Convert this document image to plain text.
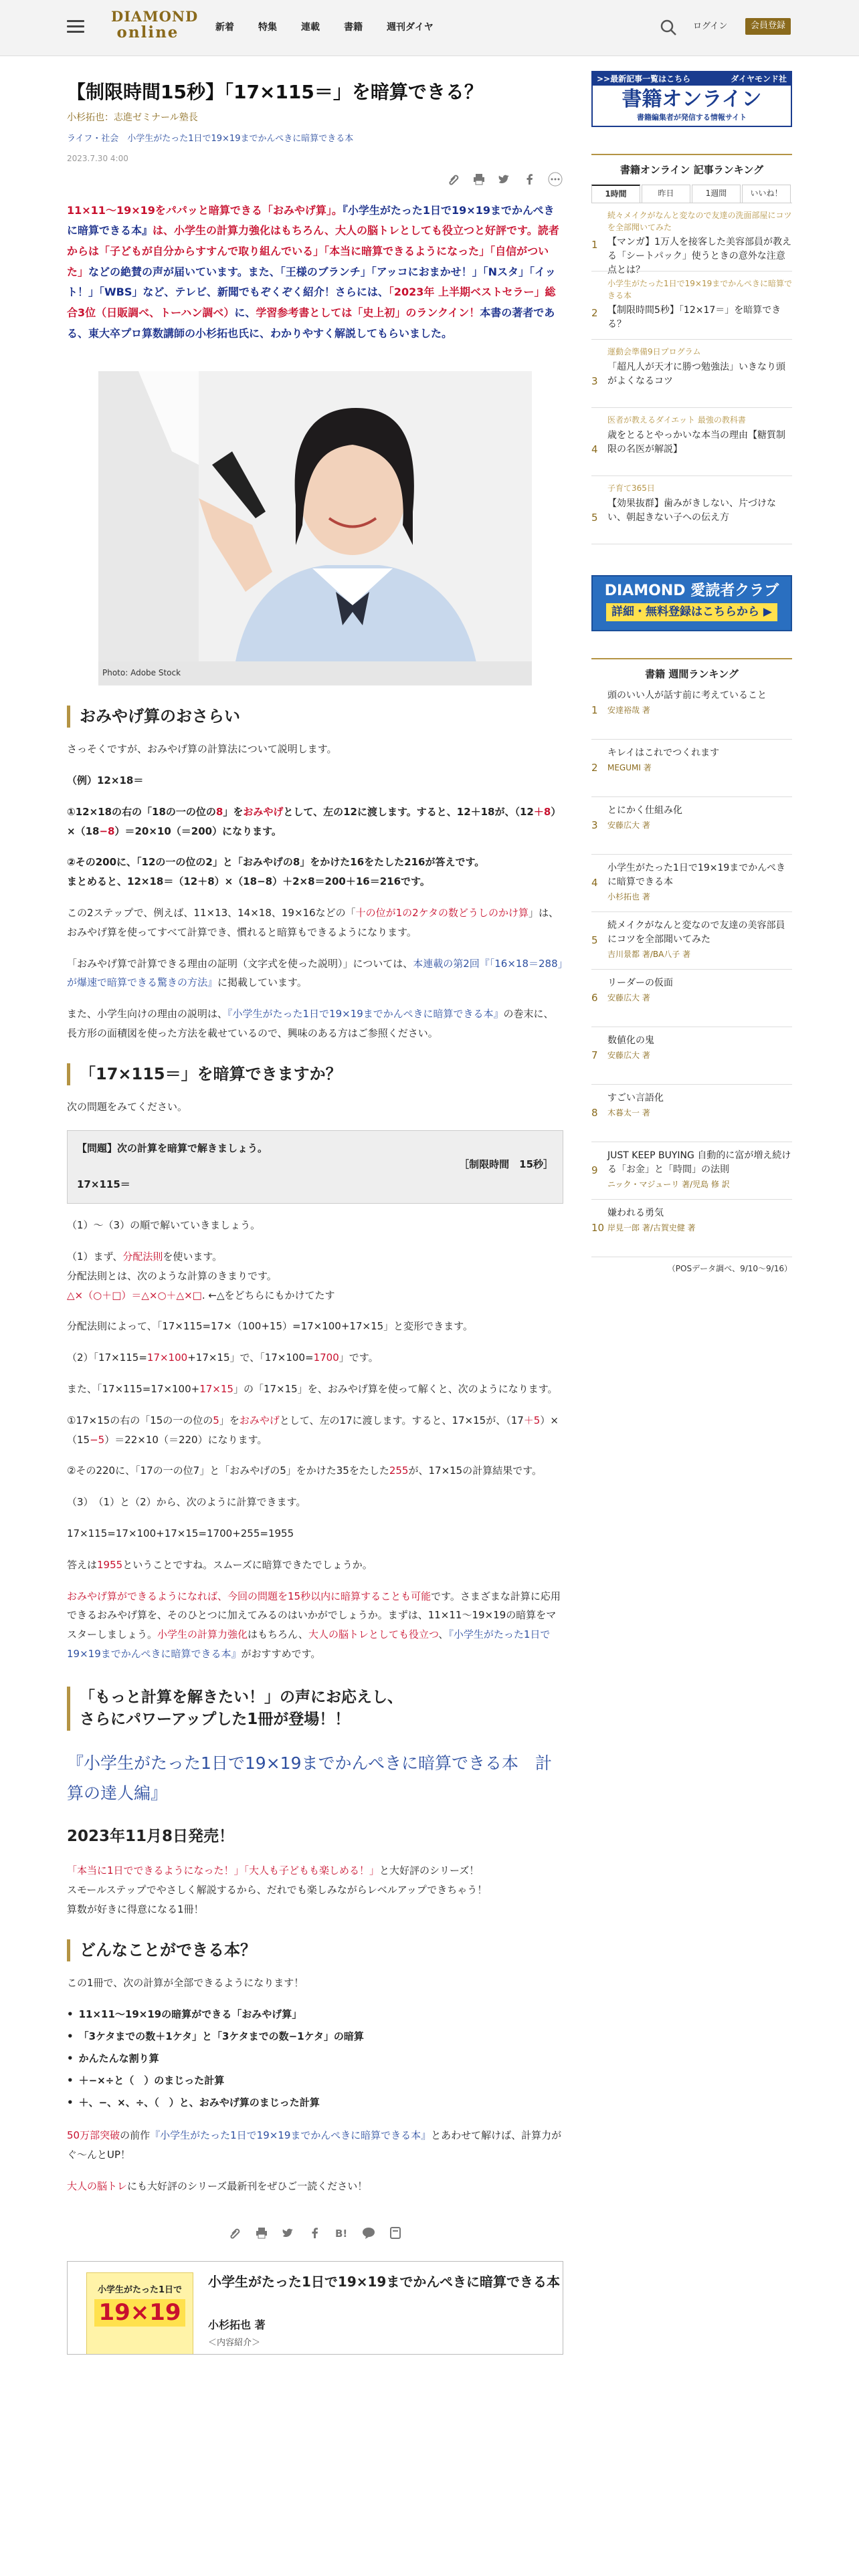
DIAMOND
online	新着	特集	連載	書籍	週刊ダイヤ	ログイン	会員登録
【制限時間15秒】「17×115＝」を暗算できる？
小杉拓也：志進ゼミナール塾長
ライフ・社会　小学生がたった1日で19×19までかんぺきに暗算できる本
2023.7.30 4:00
11×11〜19×19をパパッと暗算できる「おみやげ算」。『小学生がたった1日で19×19までかんぺきに暗算できる本』は、小学生の計算力強化はもちろん、大人の脳トレとしても役立つと好評です。読者からは「子どもが自分からすすんで取り組んでいる」「本当に暗算できるようになった」「自信がついた」などの絶賛の声が届いています。また、「王様のブランチ」「アッコにおまかせ！」「Nスタ」「イット！」「WBS」など、テレビ、新聞でもぞくぞく紹介！さらには、「2023年 上半期ベストセラー」総合3位（日販調べ、トーハン調べ）に、学習参考書としては「史上初」のランクイン！本書の著者である、東大卒プロ算数講師の小杉拓也氏に、わかりやすく解説してもらいました。
Photo: Adobe Stock
おみやげ算のおさらい

さっそくですが、おみやげ算の計算法について説明します。

（例）12×18＝

①12×18の右の「18の一の位の8」をおみやげとして、左の12に渡します。すると、12＋18が、（12＋8）×（18−8）＝20×10（＝200）になります。

②その200に、「12の一の位の2」と「おみやげの8」をかけた16をたした216が答えです。
まとめると、12×18＝（12＋8）×（18−8）＋2×8＝200＋16＝216です。

この2ステップで、例えば、11×13、14×18、19×16などの「十の位が1の2ケタの数どうしのかけ算」は、おみやげ算を使ってすべて計算でき、慣れると暗算もできるようになります。

「おみやげ算で計算できる理由の証明（文字式を使った説明）」については、本連載の第2回『「16×18＝288」が爆速で暗算できる驚きの方法』に掲載しています。

また、小学生向けの理由の説明は、『小学生がたった1日で19×19までかんぺきに暗算できる本』の巻末に、長方形の面積図を使った方法を載せているので、興味のある方はご参照ください。

「17×115＝」を暗算できますか？

次の問題をみてください。

【問題】次の計算を暗算で解きましょう。
［制限時間　15秒］
17×115＝

（1）〜（3）の順で解いていきましょう。

（1）まず、分配法則を使います。
分配法則とは、次のような計算のきまりです。
△×（○＋□）＝△×○＋△×□. ←△をどちらにもかけてたす

分配法則によって、「17×115=17×（100+15）=17×100+17×15」と変形できます。

（2）「17×115=17×100+17×15」で、「17×100=1700」です。

また、「17×115=17×100+17×15」の「17×15」を、おみやげ算を使って解くと、次のようになります。

①17×15の右の「15の一の位の5」をおみやげとして、左の17に渡します。すると、17×15が、（17＋5）×（15−5）＝22×10（＝220）になります。

②その220に、「17の一の位7」と「おみやげの5」をかけた35をたした255が、17×15の計算結果です。

（3）　（1）と（2）から、次のように計算できます。

17×115=17×100+17×15=1700+255=1955

答えは1955ということですね。スムーズに暗算できたでしょうか。

おみやげ算ができるようになれば、今回の問題を15秒以内に暗算することも可能です。さまざまな計算に応用できるおみやげ算を、そのひとつに加えてみるのはいかがでしょうか。まずは、11×11〜19×19の暗算をマスターしましょう。小学生の計算力強化はもちろん、大人の脳トレとしても役立つ、『小学生がたった1日で19×19までかんぺきに暗算できる本』がおすすめです。

「もっと計算を解きたい！」の声にお応えし、
さらにパワーアップした1冊が登場！！
『小学生がたった1日で19×19までかんぺきに暗算できる本　計算の達人編』
2023年11月8日発売！

「本当に1日でできるようになった！」「大人も子どもも楽しめる！」と大好評のシリーズ！
スモールステップでやさしく解説するから、だれでも楽しみながらレベルアップできちゃう！
算数が好きに得意になる1冊！

どんなことができる本？

この1冊で、次の計算が全部できるようになります！

• 11×11〜19×19の暗算ができる「おみやげ算」
• 「3ケタまでの数＋1ケタ」と「3ケタまでの数−1ケタ」の暗算
• かんたんな割り算
• ＋−×÷と（　）のまじった計算
• ＋、−、×、÷、（　）と、おみやげ算のまじった計算

50万部突破の前作『小学生がたった1日で19×19までかんぺきに暗算できる本』とあわせて解けば、計算力がぐ〜んとUP！

大人の脳トレにも大好評のシリーズ最新刊をぜひご一読ください！

B!
小学生がたった1日で
19×19
小学生がたった1日で19×19までかんぺきに暗算できる本
小杉拓也 著
＜内容紹介＞
>>最新記事一覧はこちら	ダイヤモンド社
書籍オンライン
書籍編集者が発信する情報サイト
書籍オンライン 記事ランキング
1時間	昨日	1週間	いいね！
1
続々メイクがなんと変なので友達の洗面部屋にコツを全部聞いてみた
【マンガ】1万人を接客した美容部員が教える「シートパック」使うときの意外な注意点とは？
2
小学生がたった1日で19×19までかんぺきに暗算できる本
【制限時間5秒】「12×17＝」を暗算できる？
3
運動会準備9日プログラム
「超凡人が天才に勝つ勉強法」いきなり頭がよくなるコツ
4
医者が教えるダイエット 最強の教科書
歳をとるとやっかいな本当の理由【糖質制限の名医が解説】
5
子育て365日
【効果抜群】歯みがきしない、片づけない、朝起きない子への伝え方
DIAMOND 愛読者クラブ
詳細・無料登録はこちらから ▶
書籍 週間ランキング
1
頭のいい人が話す前に考えていること
安達裕哉 著
2
キレイはこれでつくれます
MEGUMI 著
3
とにかく仕組み化
安藤広大 著
4
小学生がたった1日で19×19までかんぺきに暗算できる本
小杉拓也 著
5
続メイクがなんと変なので友達の美容部員にコツを全部聞いてみた
吉川景都 著/BA八子 著
6
リーダーの仮面
安藤広大 著
7
数値化の鬼
安藤広大 著
8
すごい言語化
木暮太一 著
9
JUST KEEP BUYING 自動的に富が増え続ける「お金」と「時間」の法則
ニック・マジューリ 著/児島 修 訳
10
嫌われる勇気
岸見一郎 著/古賀史健 著
（POSデータ調べ、9/10〜9/16）
